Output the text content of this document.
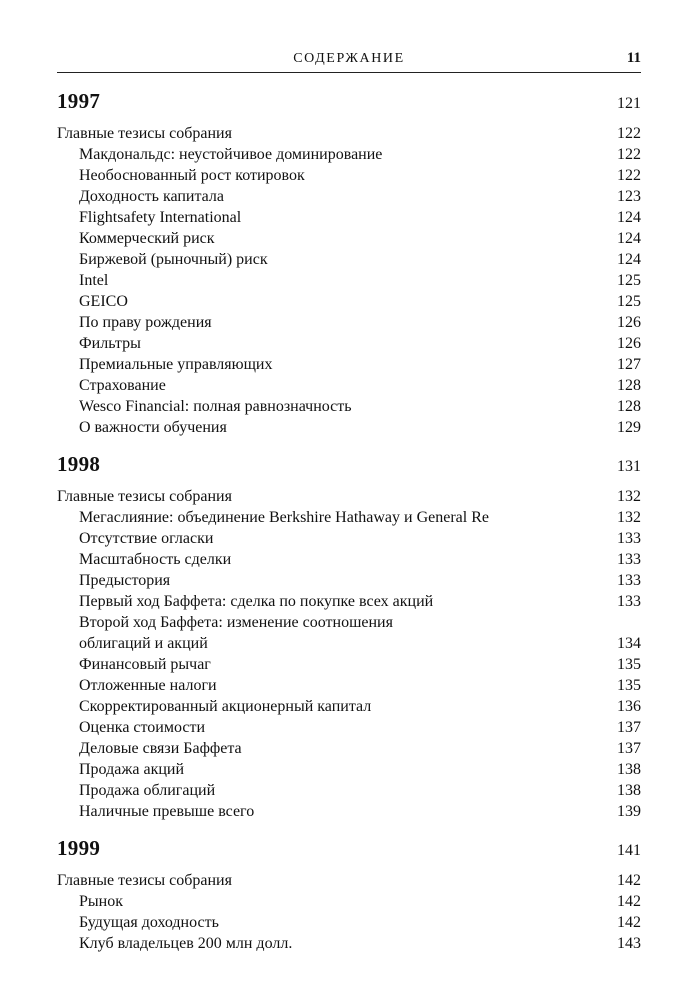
СОДЕРЖАНИЕ	11
1997	121
Главные тезисы собрания	122
Макдональдс: неустойчивое доминирование	122
Необоснованный рост котировок	122
Доходность капитала	123
Flightsafety International	124
Коммерческий риск	124
Биржевой (рыночный) риск	124
Intel	125
GEICO	125
По праву рождения	126
Фильтры	126
Премиальные управляющих	127
Страхование	128
Wesco Financial: полная равнозначность	128
О важности обучения	129
1998	131
Главные тезисы собрания	132
Мегаслияние: объединение Berkshire Hathaway и General Re	132
Отсутствие огласки	133
Масштабность сделки	133
Предыстория	133
Первый ход Баффета: сделка по покупке всех акций	133
Второй ход Баффета: изменение соотношения
облигаций и акций	134
Финансовый рычаг	135
Отложенные налоги	135
Скорректированный акционерный капитал	136
Оценка стоимости	137
Деловые связи Баффета	137
Продажа акций	138
Продажа облигаций	138
Наличные превыше всего	139
1999	141
Главные тезисы собрания	142
Рынок	142
Будущая доходность	142
Клуб владельцев 200 млн долл.	143
